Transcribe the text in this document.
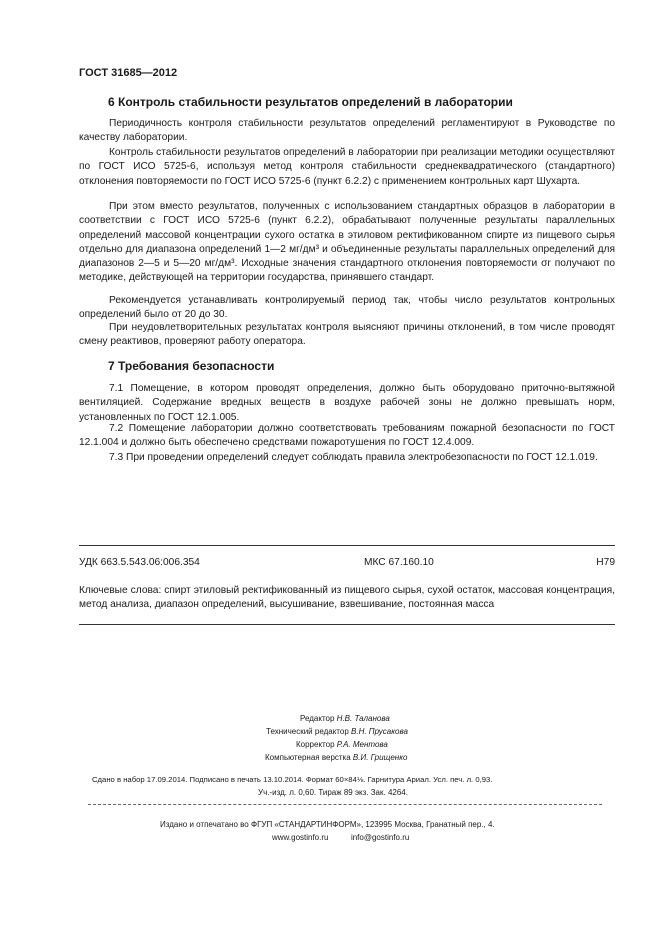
ГОСТ 31685—2012
6 Контроль стабильности результатов определений в лаборатории
Периодичность контроля стабильности результатов определений регламентируют в Руководстве по качеству лаборатории.
Контроль стабильности результатов определений в лаборатории при реализации методики осуществляют по ГОСТ ИСО 5725-6, используя метод контроля стабильности среднеквадратического (стандартного) отклонения повторяемости по ГОСТ ИСО 5725-6 (пункт 6.2.2) с применением контрольных карт Шухарта.
При этом вместо результатов, полученных с использованием стандартных образцов в лаборатории в соответствии с ГОСТ ИСО 5725-6 (пункт 6.2.2), обрабатывают полученные результаты параллельных определений массовой концентрации сухого остатка в этиловом ректификованном спирте из пищевого сырья отдельно для диапазона определений 1—2 мг/дм³ и объединенные результаты параллельных определений для диапазонов 2—5 и 5—20 мг/дм³. Исходные значения стандартного отклонения повторяемости σr получают по методике, действующей на территории государства, принявшего стандарт.
Рекомендуется устанавливать контролируемый период так, чтобы число результатов контрольных определений было от 20 до 30.
При неудовлетворительных результатах контроля выясняют причины отклонений, в том числе проводят смену реактивов, проверяют работу оператора.
7 Требования безопасности
7.1 Помещение, в котором проводят определения, должно быть оборудовано приточно-вытяжной вентиляцией. Содержание вредных веществ в воздухе рабочей зоны не должно превышать норм, установленных по ГОСТ 12.1.005.
7.2 Помещение лаборатории должно соответствовать требованиям пожарной безопасности по ГОСТ 12.1.004 и должно быть обеспечено средствами пожаротушения по ГОСТ 12.4.009.
7.3 При проведении определений следует соблюдать правила электробезопасности по ГОСТ 12.1.019.
УДК 663.5.543.06:006.354	МКС 67.160.10	Н79
Ключевые слова: спирт этиловый ректификованный из пищевого сырья, сухой остаток, массовая концентрация, метод анализа, диапазон определений, высушивание, взвешивание, постоянная масса
Редактор Н.В. Таланова
Технический редактор В.Н. Прусакова
Корректор Р.А. Ментова
Компьютерная верстка В.И. Грищенко
Сдано в набор 17.09.2014. Подписано в печать 13.10.2014. Формат 60×84⅛. Гарнитура Ариал. Усл. печ. л. 0,93.
Уч.-изд. л. 0,60. Тираж 89 экз. Зак. 4264.
Издано и отпечатано во ФГУП «СТАНДАРТИНФОРМ», 123995 Москва, Гранатный пер., 4.
www.gostinfo.ru	info@gostinfo.ru
